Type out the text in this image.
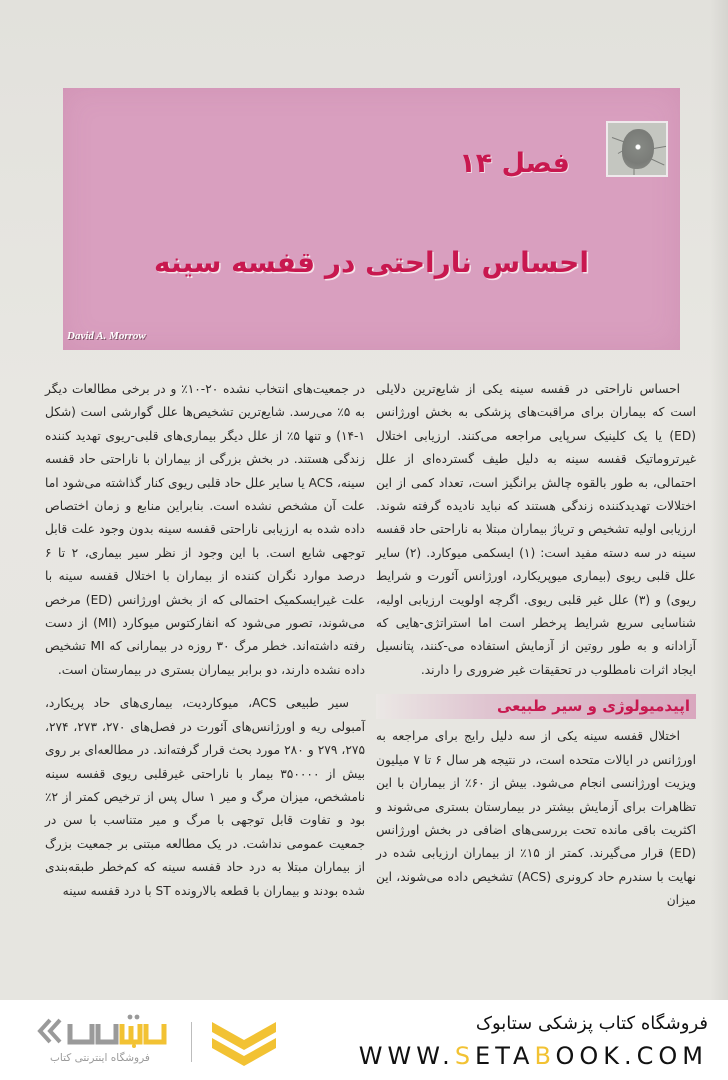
فصل ۱۴
احساس ناراحتی در قفسه سینه
David A. Morrow

احساس ناراحتی در قفسه سینه یکی از شایع‌ترین دلایلی است که بیماران برای مراقبت‌های پزشکی به بخش اورژانس (ED) یا یک کلینیک سرپایی مراجعه می‌کنند. ارزیابی اختلال غیرتروماتیک قفسه سینه به دلیل طیف گسترده‌ای از علل احتمالی، به طور بالقوه چالش برانگیز است، تعداد کمی از این اختلالات تهدیدکننده زندگی هستند که نباید نادیده گرفته شوند. ارزیابی اولیه تشخیص و تریاژ بیماران مبتلا به ناراحتی حاد قفسه سینه در سه دسته مفید است: (۱) ایسکمی میوکارد. (۲) سایر علل قلبی ریوی (بیماری میوپریکارد، اورژانس آئورت و شرایط ریوی) و (۳) علل غیر قلبی ریوی. اگرچه اولویت ارزیابی اولیه، شناسایی سریع شرایط پرخطر است اما استراتژی-هایی که آزادانه و به طور روتین از آزمایش استفاده می-کنند، پتانسیل ایجاد اثرات نامطلوب در تحقیقات غیر ضروری را دارند.

اپیدمیولوژی و سیر طبیعی

اختلال قفسه سینه یکی از سه دلیل رایج برای مراجعه به اورژانس در ایالات متحده است، در نتیجه هر سال ۶ تا ۷ میلیون ویزیت اورژانسی انجام می‌شود. بیش از ۶۰٪ از بیماران با این تظاهرات برای آزمایش بیشتر در بیمارستان بستری می‌شوند و اکثریت باقی مانده تحت بررسی‌های اضافی در بخش اورژانس (ED) قرار می‌گیرند. کمتر از ۱۵٪ از بیماران ارزیابی شده در نهایت با سندرم حاد کرونری (ACS) تشخیص داده می‌شوند، این میزان

در جمعیت‌های انتخاب نشده ۲۰-۱۰٪ و در برخی مطالعات دیگر به ۵٪ می‌رسد. شایع‌ترین تشخیص‌ها علل گوارشی است (شکل ۱-۱۴) و تنها ۵٪ از علل دیگر بیماری‌های قلبی-ریوی تهدید کننده زندگی هستند. در بخش بزرگی از بیماران با ناراحتی حاد قفسه سینه، ACS یا سایر علل حاد قلبی ریوی کنار گذاشته می‌شود اما علت آن مشخص نشده است. بنابراین منابع و زمان اختصاص داده شده به ارزیابی ناراحتی قفسه سینه بدون وجود علت قابل توجهی شایع است. با این وجود از نظر سیر بیماری، ۲ تا ۶ درصد موارد نگران کننده از بیماران با اختلال قفسه سینه با علت غیرایسکمیک احتمالی که از بخش اورژانس (ED) مرخص می‌شوند، تصور می‌شود که انفارکتوس میوکارد (MI) از دست رفته داشته‌اند. خطر مرگ ۳۰ روزه در بیمارانی که MI تشخیص داده نشده دارند، دو برابر بیماران بستری در بیمارستان است.

سیر طبیعی ACS، میوکاردیت، بیماری‌های حاد پریکارد، آمبولی ریه و اورژانس‌های آئورت در فصل‌های ۲۷۰، ۲۷۳، ۲۷۴، ۲۷۵، ۲۷۹ و ۲۸۰ مورد بحث قرار گرفته‌اند. در مطالعه‌ای بر روی بیش از ۳۵۰۰۰۰ بیمار با ناراحتی غیرقلبی ریوی قفسه سینه نامشخص، میزان مرگ و میر ۱ سال پس از ترخیص کمتر از ۲٪ بود و تفاوت قابل توجهی با مرگ و میر متناسب با سن در جمعیت عمومی نداشت. در یک مطالعه مبتنی بر جمعیت بزرگ از بیماران مبتلا به درد حاد قفسه سینه که کم‌خطر طبقه‌بندی شده بودند و بیماران با قطعه بالارونده ST با درد قفسه سینه

فروشگاه اینترنتی کتاب
فروشگاه کتاب پزشکی ستابوک
WWW.SETABOOK.COM
